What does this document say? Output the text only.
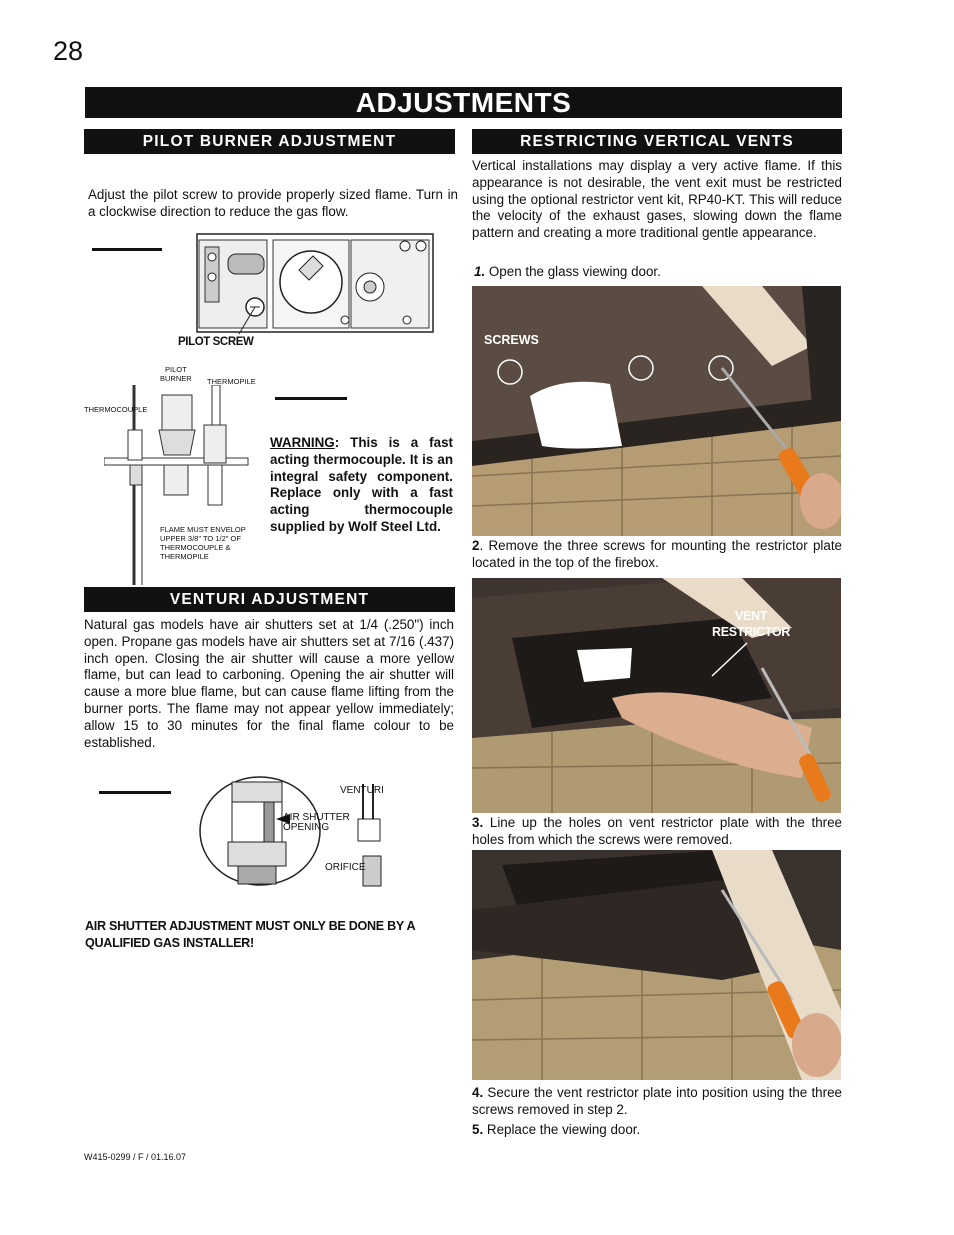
28
ADJUSTMENTS
PILOT BURNER ADJUSTMENT
Adjust the pilot screw to provide properly sized flame. Turn in a clockwise direction to reduce the gas flow.
PILOT SCREW
PILOT
BURNER THERMOPILE
THERMOCOUPLE
FLAME MUST ENVELOP
UPPER 3/8" TO 1/2" OF
THERMOCOUPLE &
THERMOPILE
WARNING: This is a fast acting thermocouple. It is an integral safety component. Replace only with a fast acting thermocouple supplied by Wolf Steel Ltd.
VENTURI ADJUSTMENT
Natural gas models have air shutters set at 1/4 (.250") inch open. Propane gas models have air shutters set at 7/16 (.437) inch open. Closing the air shutter will cause a more yellow flame, but can lead to carboning. Opening the air shutter will cause a more blue flame, but can cause flame lifting from the burner ports. The flame may not appear yellow immediately; allow 15 to 30 minutes for the final flame colour to be established.
AIR SHUTTER
OPENING
VENTURI
ORIFICE
AIR SHUTTER ADJUSTMENT MUST ONLY BE DONE BY A QUALIFIED GAS INSTALLER!
W415-0299 / F / 01.16.07
RESTRICTING VERTICAL VENTS
Vertical installations may display a very active flame. If this appearance is not desirable, the vent exit must be restricted using the optional restrictor vent kit, RP40-KT. This will reduce the velocity of the exhaust gases, slowing down the flame pattern and creating a more traditional gentle appearance.
1. Open the glass viewing door.
SCREWS
2. Remove the three screws for mounting the restrictor plate located in the top of the firebox.
VENT
RESTRICTOR
3. Line up the holes on vent restrictor plate with the three holes from which the screws were removed.
4. Secure the vent restrictor plate into position using the three screws removed in step 2.
5. Replace the viewing door.
